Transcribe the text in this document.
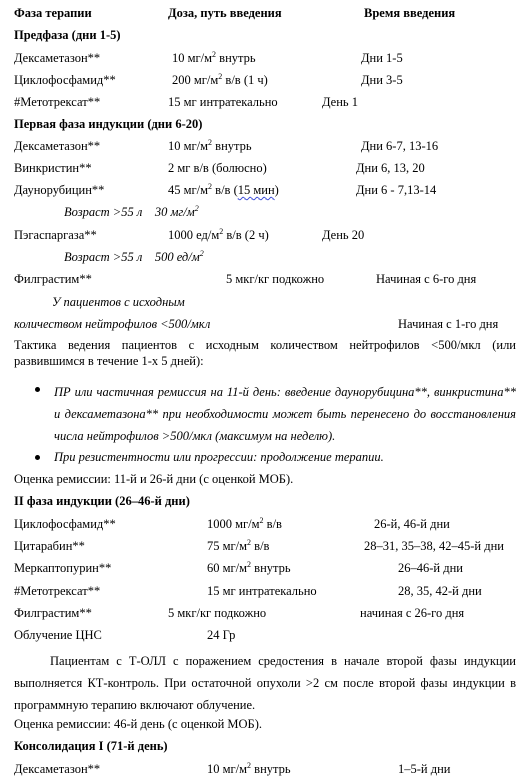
Фаза терапии	Доза, путь введения	Время введения
Предфаза (дни 1-5)
Дексаметазон**	10 $мг/м^2$ внутрь	Дни 1-5
Циклофосфамид**	200 $мг/м^2$ в/в (1 ч)	Дни 3-5
#Метотрексат**	15 мг интратекально	День 1
Первая фаза индукции (дни 6-20)
Дексаметазон**	10 $мг/м^2$ внутрь	Дни 6-7, 13-16
Винкристин**	2 мг в/в (болюсно)	Дни 6, 13, 20
Даунорубицин**	45 $мг/м^2$ в/в (15 мин)	Дни 6 - 7,13-14
Возраст >55 л 30 $мг/м^2$
Пэгаспаргаза**	1000 $ед/м^2$ в/в (2 ч)	День 20
Возраст >55 л 500 $ед/м^2$
Филграстим**	5 мкг/кг подкожно	Начиная с 6-го дня
У пациентов с исходным
количеством нейтрофилов <500/мкл	Начиная с 1-го дня
Тактика ведения пациентов с исходным количеством нейтрофилов <500/мкл (или развившимся в течение 1-х 5 дней):
ПР или частичная ремиссия на 11-й день: введение даунорубицина**, винкристина** и дексаметазона** при необходимости может быть перенесено до восстановления числа нейтрофилов >500/мкл (максимум на неделю).
При резистентности или прогрессии: продолжение терапии.
Оценка ремиссии: 11-й и 26-й дни (с оценкой МОБ).
II фаза индукции (26–46-й дни)
Циклофосфамид**	1000 $мг/м^2$ в/в	26-й, 46-й дни
Цитарабин**	75 $мг/м^2$ в/в	28–31, 35–38, 42–45-й дни
Меркаптопурин**	60 $мг/м^2$ внутрь	26–46-й дни
#Метотрексат**	15 мг интратекально	28, 35, 42-й дни
Филграстим**	5 мкг/кг подкожно	начиная с 26-го дня
Облучение ЦНС	24 Гр
Пациентам с Т-ОЛЛ с поражением средостения в начале второй фазы индукции выполняется КТ-контроль. При остаточной опухоли >2 см после второй фазы индукции в программную терапию включают облучение.
Оценка ремиссии: 46-й день (с оценкой МОБ).
Консолидация I (71-й день)
Дексаметазон**	10 $мг/м^2$ внутрь	1–5-й дни
